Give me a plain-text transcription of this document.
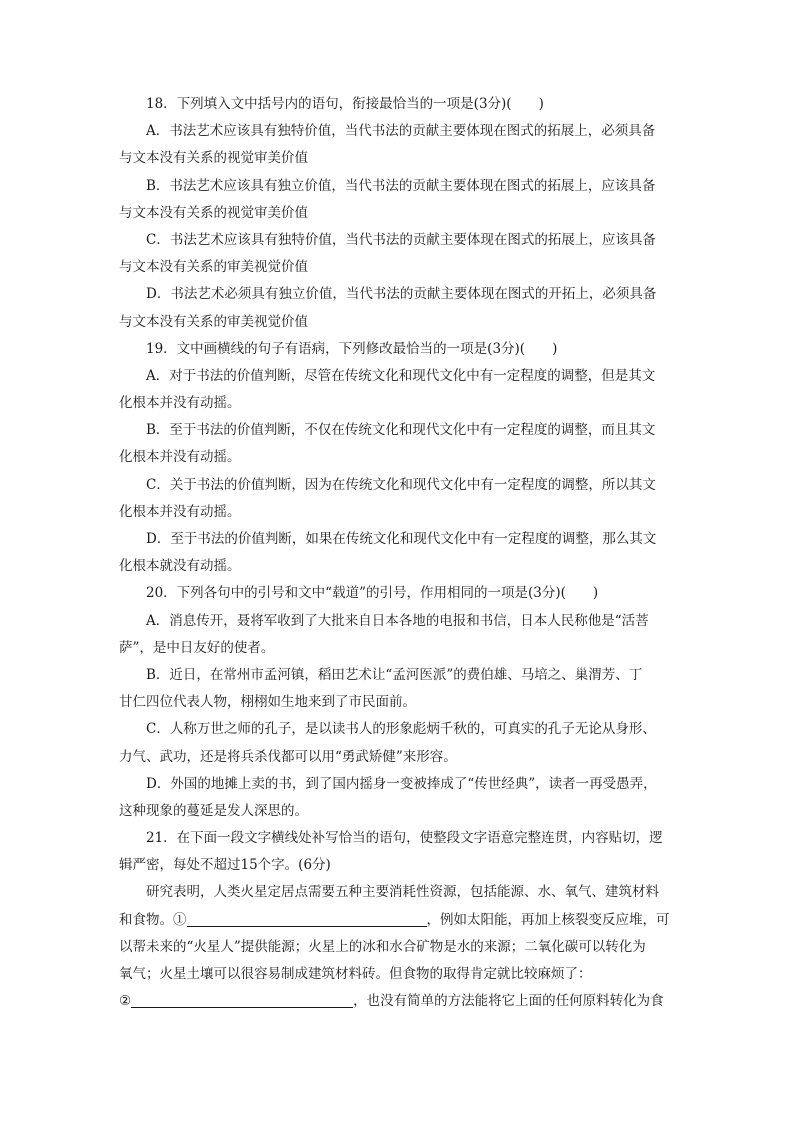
18．下列填入文中括号内的语句，衔接最恰当的一项是(3分)(　　)
A．书法艺术应该具有独特价值，当代书法的贡献主要体现在图式的拓展上，必须具备
与文本没有关系的视觉审美价值
B．书法艺术应该具有独立价值，当代书法的贡献主要体现在图式的拓展上，应该具备
与文本没有关系的视觉审美价值
C．书法艺术应该具有独特价值，当代书法的贡献主要体现在图式的拓展上，应该具备
与文本没有关系的审美视觉价值
D．书法艺术必须具有独立价值，当代书法的贡献主要体现在图式的开拓上，必须具备
与文本没有关系的审美视觉价值
19．文中画横线的句子有语病，下列修改最恰当的一项是(3分)(　　)
A．对于书法的价值判断，尽管在传统文化和现代文化中有一定程度的调整，但是其文
化根本并没有动摇。
B．至于书法的价值判断，不仅在传统文化和现代文化中有一定程度的调整，而且其文
化根本并没有动摇。
C．关于书法的价值判断，因为在传统文化和现代文化中有一定程度的调整，所以其文
化根本并没有动摇。
D．至于书法的价值判断，如果在传统文化和现代文化中有一定程度的调整，那么其文
化根本就没有动摇。
20．下列各句中的引号和文中“载道”的引号，作用相同的一项是(3分)(　　)
A．消息传开，聂将军收到了大批来自日本各地的电报和书信，日本人民称他是“活菩
萨”，是中日友好的使者。
B．近日，在常州市孟河镇，稻田艺术让“孟河医派”的费伯雄、马培之、巢渭芳、丁
甘仁四位代表人物，栩栩如生地来到了市民面前。
C．人称万世之师的孔子，是以读书人的形象彪炳千秋的，可真实的孔子无论从身形、
力气、武功，还是将兵杀伐都可以用“勇武矫健”来形容。
D．外国的地摊上卖的书，到了国内摇身一变被捧成了“传世经典”，读者一再受愚弄，
这种现象的蔓延是发人深思的。
21．在下面一段文字横线处补写恰当的语句，使整段文字语意完整连贯，内容贴切，逻
辑严密，每处不超过15个字。(6分)
研究表明，人类火星定居点需要五种主要消耗性资源，包括能源、水、氧气、建筑材料
和食物。①	，例如太阳能，再加上核裂变反应堆，可
以帮未来的“火星人”提供能源；火星上的冰和水合矿物是水的来源；二氧化碳可以转化为
氧气；火星土壤可以很容易制成建筑材料砖。但食物的取得肯定就比较麻烦了：
②	，也没有简单的方法能将它上面的任何原料转化为食
